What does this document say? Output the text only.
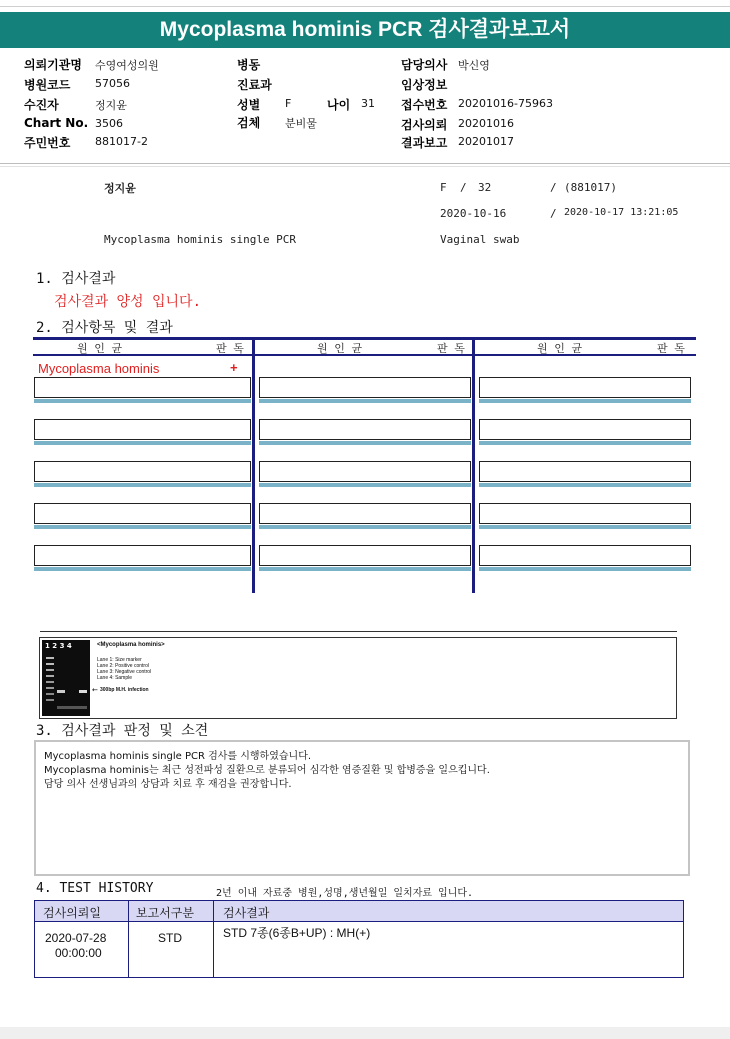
Mycoplasma hominis PCR 검사결과보고서
의뢰기관명 수영여성의원
병원코드 57056
수진자	정지윤
Chart No. 3506
주민번호 881017-2
병동
진료과
성별 F	나이 31
검체 분비물
담당의사 박신영
임상정보
접수번호 20201016-75963
검사의뢰 20201016
결과보고 20201017
정지윤	F / 32	/ (881017)
2020-10-16	/ 2020-10-17 13:21:05
Mycoplasma hominis single PCR	Vaginal swab
1. 검사결과
검사결과 양성 입니다.
2. 검사항목 및 결과
원 인 균	판 독	원 인 균	판 독	원 인 균	판 독
Mycoplasma hominis	+
1 2 3 4	<Mycoplasma hominis>
Lane 1: Size marker
Lane 2: Positive control
Lane 3: Negative control
Lane 4: Sample
← 300bp M.H. infection
3. 검사결과 판정 및 소견
Mycoplasma hominis single PCR 검사를 시행하였습니다.
Mycoplasma hominis는 최근 성전파성 질환으로 분류되어 심각한 염증질환 및 합병증을 일으킵니다.
담당 의사 선생님과의 상담과 치료 후 재검을 권장합니다.
4. TEST HISTORY	2년 이내 자료중 병원,성명,생년월일 일치자료 입니다.
검사의뢰일	보고서구분 검사결과
2020-07-28
00:00:00
STD	STD 7종(6종B+UP) : MH(+)
